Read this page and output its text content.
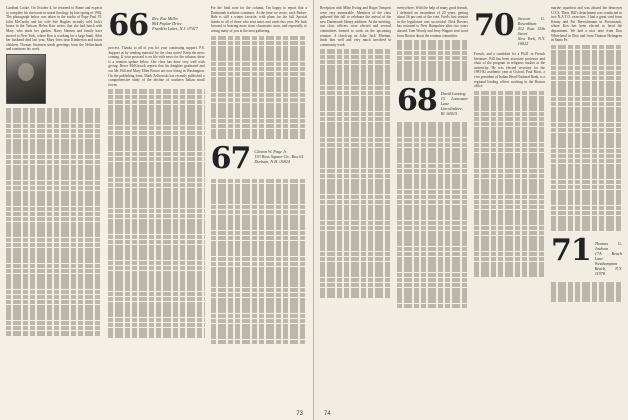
Cardinal Cooke. On October 4, he returned to Rome and expects to complete his doctorate in moral theology by late spring of 1982. The photograph below was taken in the studio of Pope Paul VI. John McCarthy and his wife Sue Hughes recently sold Jack's house in the Vatican. Helen Karr writes that she had lunch with Mary, who tends her garden. Harry Hansen and family have moved to New York, where Ken is working for a large bank. After her husband died last year, Mary lives near Kimberton and tutors children. Thomas Swanson sends greetings from the Netherlands and continues his work.

66 Rev. Rae Miller
864 Poplar Drive
Franklin Lakes, N.J. 07417

process. Thanks to all of you for your continuing support. P.S. Support us by sending material for the class notes! Keep the news coming. If your postcard is on file with news for the column, there is a reunion update below. Our class has done very well with giving. Bruce McKissock reports that his daughter graduated and our Mr. Bill and Mary Ellen Bower are now living in Washington. On the publishing front, Mark Zelkowski has recently published a comprehensive study of the decline of southern Italian small towns.

For the final note for the column, I'm happy to report that a Dartmouth tradition continues. At the time we wrote, each Parker-Hale is still a winter favorite, with plans for the fall. Special thanks to all of those who sent notes and cards this year. We look forward to hearing more from classmates soon, and especially to seeing many of you at the next gathering.

67 Clinton W. Page Jr.
193 Ross Square Cir., Box 61
Durham, N.H. 03824
73

Reception with Mike Ewing and Roger Tempest were very memorable. Members of the class gathered this fall to celebrate the arrival of the new Dartmouth library addition. At the meeting, our class officers were elected and several committees formed to work on the upcoming reunion. A check-up on John 'Jack' Meehan, finds him well and very much involved in community work.

everywhere. With the help of many good friends, I defeated an incumbent of 20 years, getting about 56 per cent of the vote. Fred's first session in the legislature was successful. Dick Bowers has returned to New Hampshire after two years abroad. Tom Woody and Jerry Wagner sent word from Boston about the reunion committee.

68 David Lauring
15 Lancaster Lane
Lincolnshire, Ill. 60015

70 Stewart G. Rosenblum
412 East 55th Street
New York, N.Y. 10022

French, and a candidate for a Ph.D. in French literature. Bill has been associate professor and chair of the program in religious studies at the university. He was elected secretary for the 1981-82 academic year at Oxford. Paul Rizzi, a vice president of Indian Head National Bank, is a regional lending officer working in the Boston office.

marine squadron and was aboard the destroyer U.S.S. Thew. Bill's detachment was conducted in two N.A.T.O. exercises. I had a great card from Kenny and Pat Beerschmann in Portsmouth, where Ken has been elected to head the department. We had a nice note from Don Whitehead in Ohio and from Thomas Holmgren in Santa Fe.

71 Thomas G. Jackson
17A Beach Lane
Westhampton Beach, N.Y. 11978
74
